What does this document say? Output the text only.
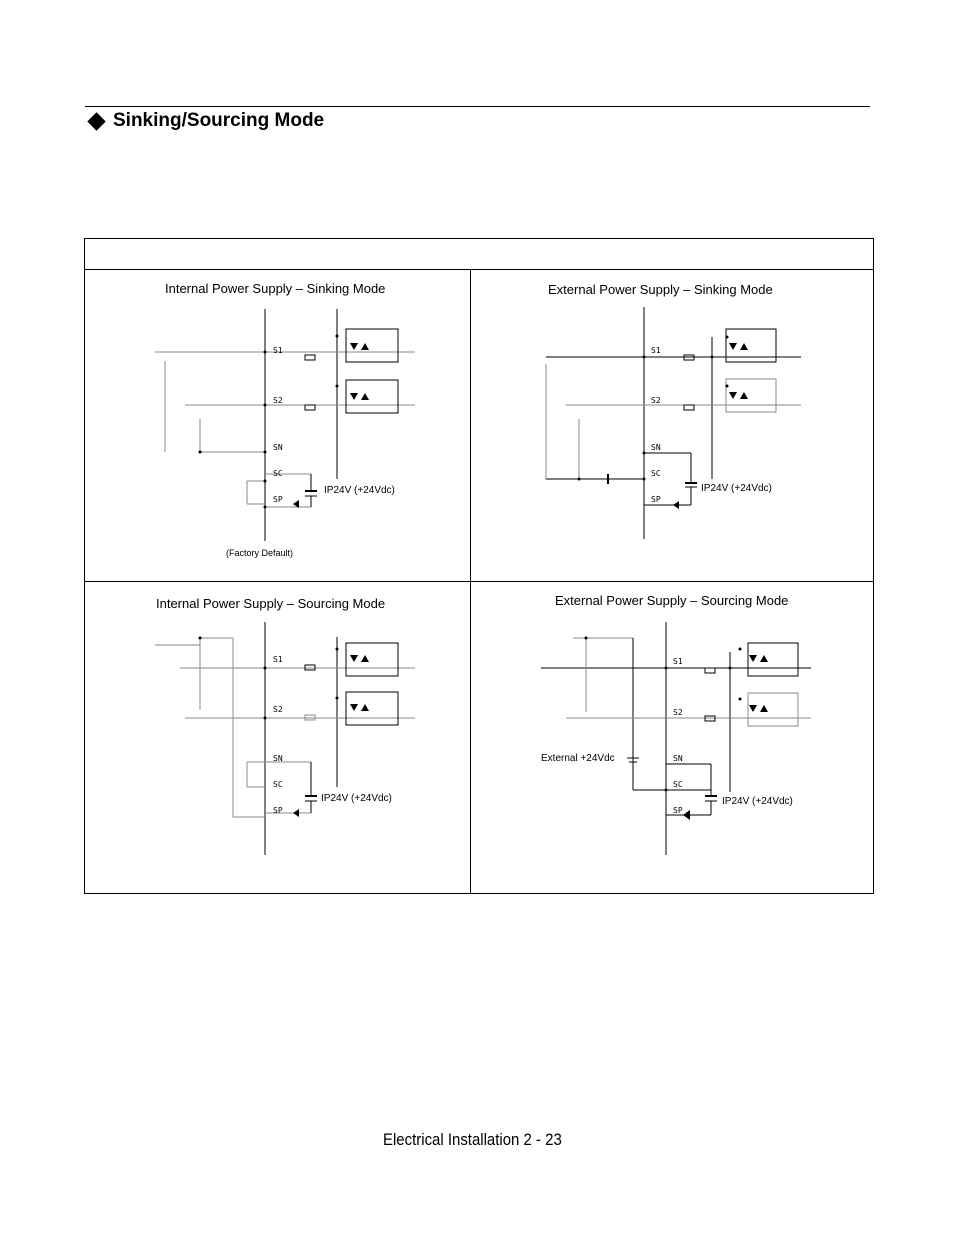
Sinking/Sourcing Mode
Internal Power Supply – Sinking Mode
S1
S2
SN
SC
SP
IP24V (+24Vdc)
(Factory Default)
External Power Supply – Sinking Mode
S1
S2
SN
SC
SP
IP24V (+24Vdc)
Internal Power Supply – Sourcing Mode
S1
S2
SN
SC
SP
IP24V (+24Vdc)
External Power Supply – Sourcing Mode
S1
S2
SN
SC
SP
IP24V (+24Vdc)
External +24Vdc
Electrical Installation 2 - 23
